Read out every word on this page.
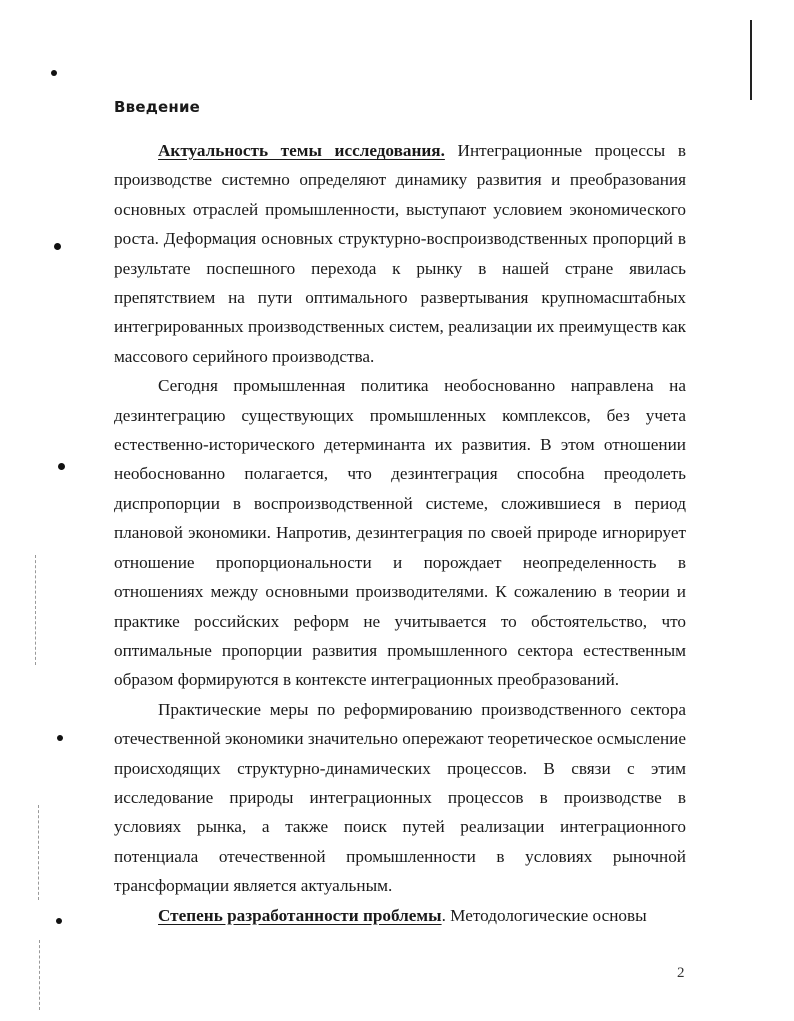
Введение

Актуальность темы исследования. Интеграционные процессы в производстве системно определяют динамику развития и преобразования основных отраслей промышленности, выступают условием экономического роста. Деформация основных структурно-воспроизводственных пропорций в результате поспешного перехода к рынку в нашей стране явилась препятствием на пути оптимального развертывания крупномасштабных интегрированных производственных систем, реализации их преимуществ как массового серийного производства.

Сегодня промышленная политика необоснованно направлена на дезинтеграцию существующих промышленных комплексов, без учета естественно-исторического детерминанта их развития. В этом отношении необоснованно полагается, что дезинтеграция способна преодолеть диспропорции в воспроизводственной системе, сложившиеся в период плановой экономики. Напротив, дезинтеграция по своей природе игнорирует отношение пропорциональности и порождает неопределенность в отношениях между основными производителями. К сожалению в теории и практике российских реформ не учитывается то обстоятельство, что оптимальные пропорции развития промышленного сектора естественным образом формируются в контексте интеграционных преобразований.

Практические меры по реформированию производственного сектора отечественной экономики значительно опережают теоретическое осмысление происходящих структурно-динамических процессов. В связи с этим исследование природы интеграционных процессов в производстве в условиях рынка, а также поиск путей реализации интеграционного потенциала отечественной промышленности в условиях рыночной трансформации является актуальным.

Степень разработанности проблемы. Методологические основы

2
